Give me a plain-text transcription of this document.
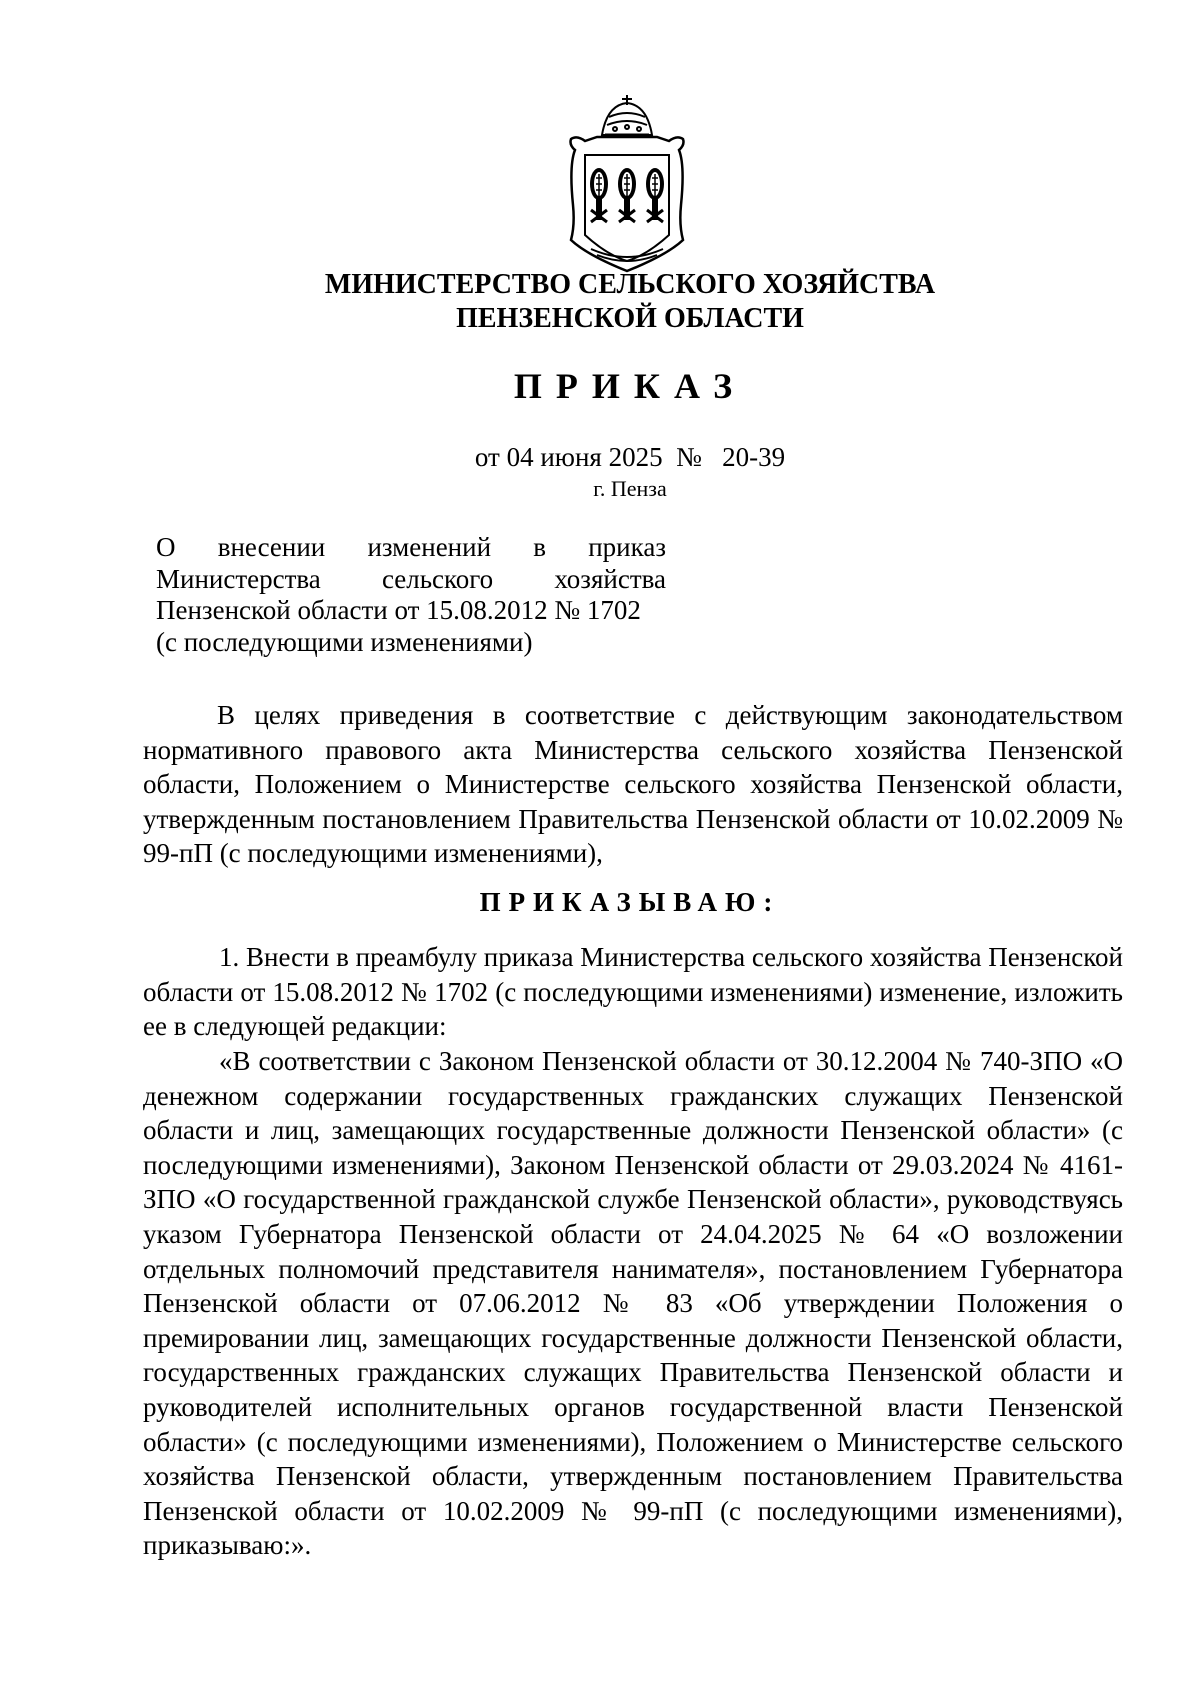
МИНИСТЕРСТВО СЕЛЬСКОГО ХОЗЯЙСТВА
ПЕНЗЕНСКОЙ ОБЛАСТИ
ПРИКАЗ
от 04 июня 2025  №   20-39
г. Пенза
О внесении изменений в приказ
Министерства сельского хозяйства
Пензенской области от 15.08.2012 № 1702
(с последующими изменениями)
В целях приведения в соответствие с действующим законодательством нормативного правового акта Министерства сельского хозяйства Пензенской области, Положением о Министерстве сельского хозяйства Пензенской области, утвержденным постановлением Правительства Пензенской области от 10.02.2009 № 99-пП (с последующими изменениями),
ПРИКАЗЫВАЮ:
1. Внести в преамбулу приказа Министерства сельского хозяйства Пензенской области от 15.08.2012 № 1702 (с последующими изменениями) изменение, изложить ее в следующей редакции:
«В соответствии с Законом Пензенской области от 30.12.2004 № 740-ЗПО «О денежном содержании государственных гражданских служащих Пензенской области и лиц, замещающих государственные должности Пензенской области» (с последующими изменениями), Законом Пензенской области от 29.03.2024 № 4161-ЗПО «О государственной гражданской службе Пензенской области», руководствуясь указом Губернатора Пензенской области от 24.04.2025 № 64 «О возложении отдельных полномочий представителя нанимателя», постановлением Губернатора Пензенской области от 07.06.2012 № 83 «Об утверждении Положения о премировании лиц, замещающих государственные должности Пензенской области, государственных гражданских служащих Правительства Пензенской области и руководителей исполнительных органов государственной власти Пензенской области» (с последующими изменениями), Положением о Министерстве сельского хозяйства Пензенской области, утвержденным постановлением Правительства Пензенской области от 10.02.2009 № 99-пП (с последующими изменениями), приказываю:».
